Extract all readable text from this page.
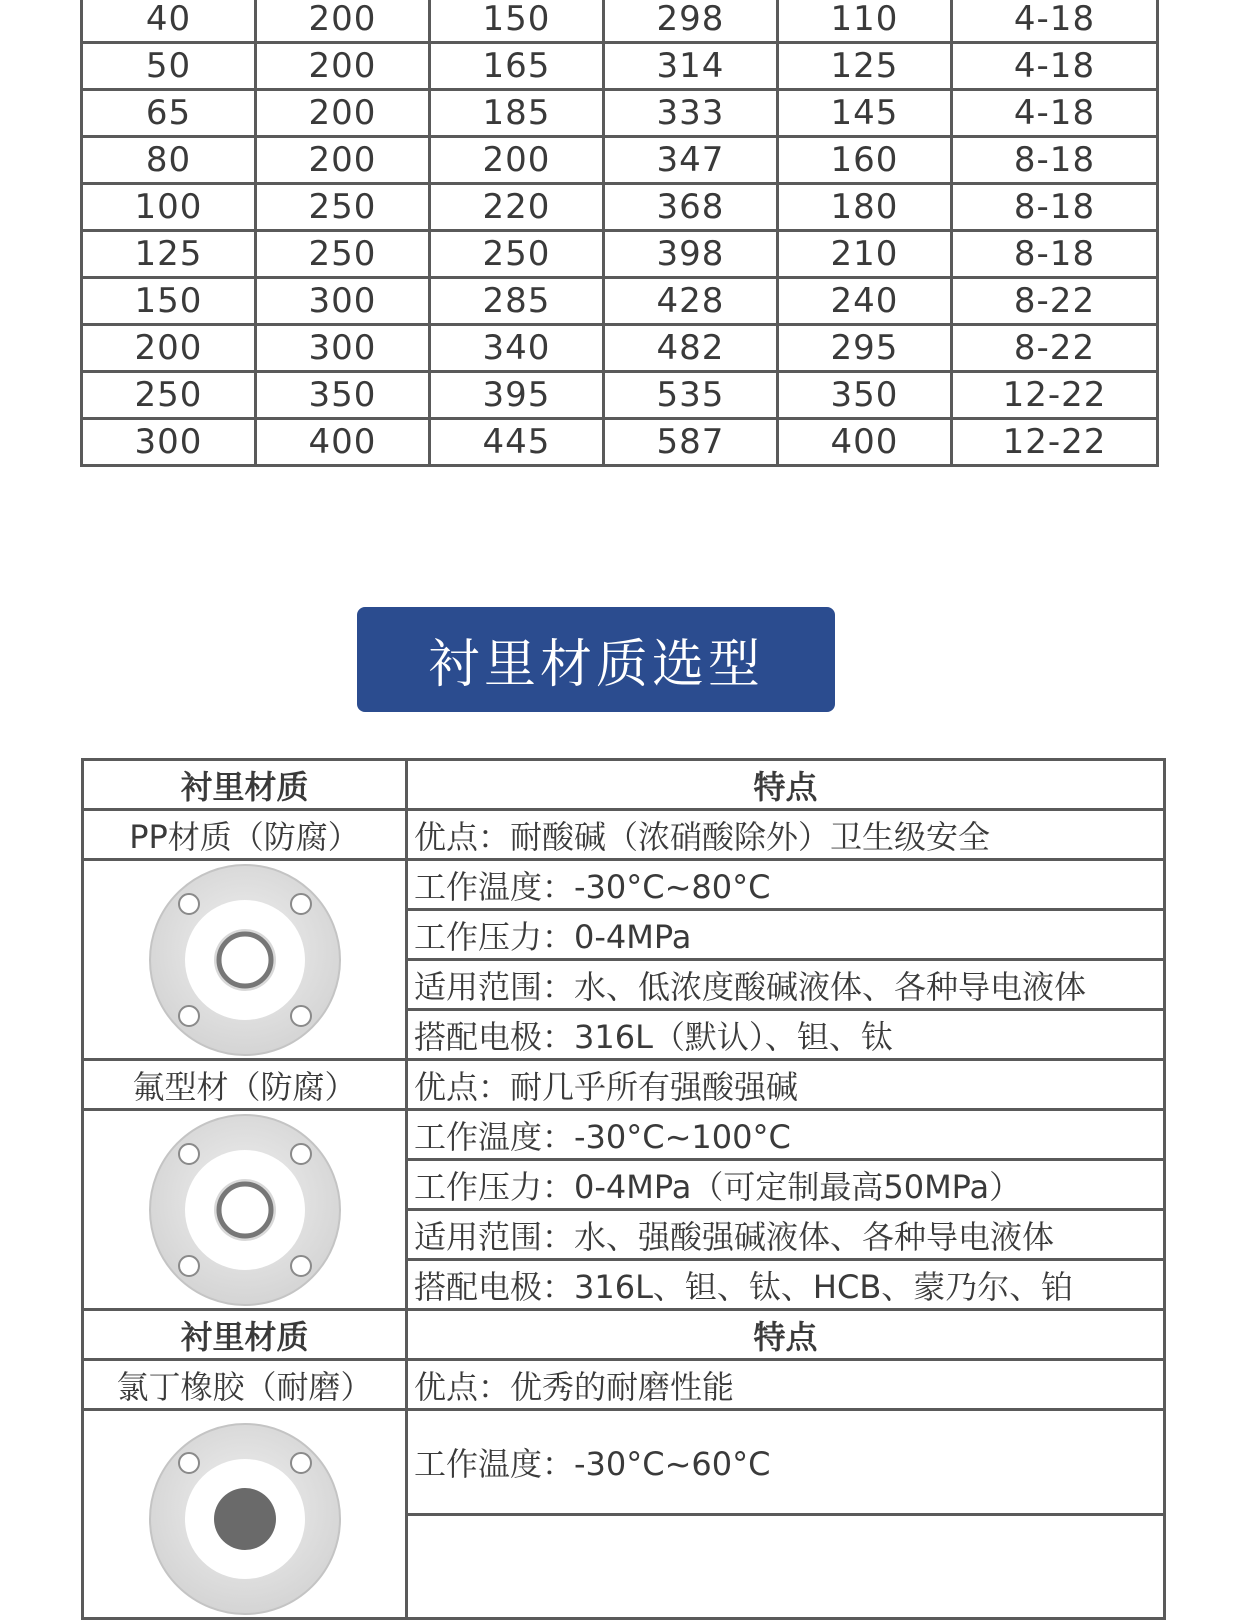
40	200	150	298	110	4-18
50	200	165	314	125	4-18
65	200	185	333	145	4-18
80	200	200	347	160	8-18
100	250	220	368	180	8-18
125	250	250	398	210	8-18
150	300	285	428	240	8-22
200	300	340	482	295	8-22
250	350	395	535	350	12-22
300	400	445	587	400	12-22
衬里材质选型
衬里材质	特点
PP材质（防腐）	优点：耐酸碱（浓硝酸除外）卫生级安全

	工作温度：-30°C~80°C
	工作压力：0-4MPa
	适用范围：水、低浓度酸碱液体、各种导电液体
	搭配电极：316L（默认）、钽、钛
氟型材（防腐）	优点：耐几乎所有强酸强碱

	工作温度：-30°C~100°C
	工作压力：0-4MPa（可定制最高50MPa）
	适用范围：水、强酸强碱液体、各种导电液体
	搭配电极：316L、钽、钛、HCB、蒙乃尔、铂
衬里材质	特点
氯丁橡胶（耐磨）	优点：优秀的耐磨性能

	工作温度：-30°C~60°C
